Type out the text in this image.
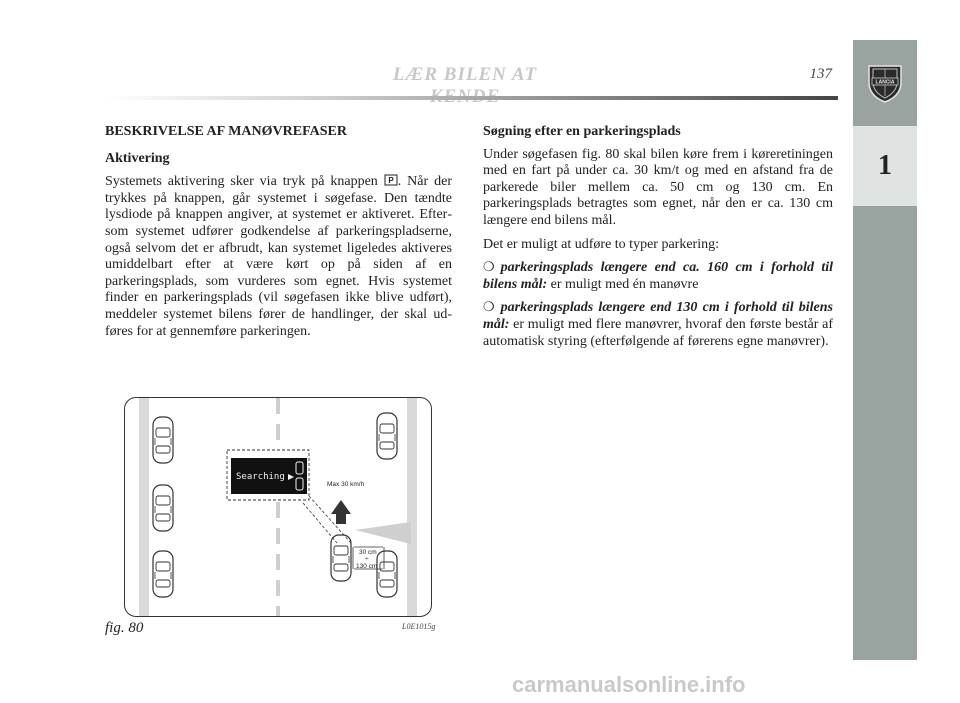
LÆR BILEN AT	137
LANCIA
1
BESKRIVELSE AF MANØVREFASER
Aktivering

Systemets aktivering sker via tryk på knappen P . Når der trykkes på knappen, går systemet i søgefase. Den tændte lysdiode på knappen angiver, at systemet er aktiveret. Eftersom systemet udfører godkendelse af parkeringspladserne, også selvom det er afbrudt, kan systemet ligeledes aktiveres umiddelbart efter at være kørt op på siden af en parkeringsplads, som vurderes som egnet. Hvis systemet finder en parkeringsplads (vil søgefasen ikke blive udført), meddeler systemet bilens fører de handlinger, der skal udføres for at gennemføre parkeringen.

Søgning efter en parkeringsplads

Under søgefasen fig. 80 skal bilen køre frem i køreretiningen med en fart på under ca. 30 km/t og med en afstand fra de parkerede biler mellem ca. 50 cm og 130 cm. En parkeringsplads betragtes som egnet, når den er ca. 130 cm længere end bilens mål.

Det er muligt at udføre to typer parkering:

❍ parkeringsplads længere end ca. 160 cm i forhold til bilens mål: er muligt med én manøvre

❍ parkeringsplads længere end 130 cm i forhold til bilens mål: er muligt med flere manøvrer, hvoraf den første består af automatisk styring (efterfølgende af førerens egne manøvrer).

Searching
Max 30 km/h
30 cm
÷
130 cm
fig. 80	L0E1015g
carmanualsonline.info
